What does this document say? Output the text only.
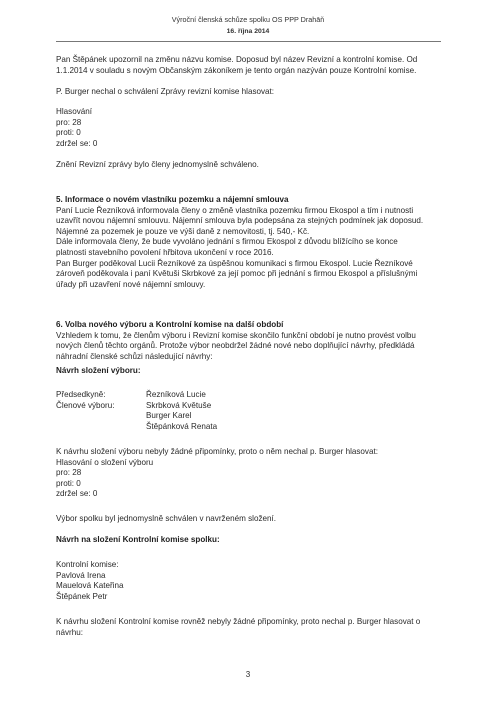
Výroční členská schůze spolku OS PPP Drahāň
16. října 2014

Pan Štěpánek upozornil na změnu názvu komise. Doposud byl název Revizní a kontrolní komise. Od

1.1.2014 v souladu s novým Občanským zákoníkem je tento orgán nazýván pouze Kontrolní komise.

P. Burger nechal o schválení Zprávy revizní komise hlasovat:

Hlasování

pro: 28

proti: 0

zdržel se: 0

Znění Revizní zprávy bylo členy jednomyslně schváleno.

5. Informace o novém vlastníku pozemku a nájemní smlouva

Paní Lucie Řezníková informovala členy o změně vlastníka pozemku firmou Ekospol a tím i nutnosti

uzavřít novou nájemní smlouvu. Nájemní smlouva byla podepsána za stejných podmínek jak doposud.

Nájemné za pozemek je pouze ve výši daně z nemovitosti, tj. 540,- Kč.

Dále informovala členy, že bude vyvoláno jednání s firmou Ekospol z důvodu blížícího se konce

platnosti stavebního povolení hřbitova ukončení v roce 2016.

Pan Burger poděkoval Lucii Řezníkové za úspěšnou komunikaci s firmou Ekospol. Lucie Řezníkové

zároveň poděkovala i paní Květuši Skrbkové za její pomoc při jednání s firmou Ekospol a příslušnými

úřady při uzavření nové nájemní smlouvy.

6. Volba nového výboru a Kontrolní komise na další období

Vzhledem k tomu, že členům výboru i Revizní komise skončilo funkční období je nutno provést volbu

nových členů těchto orgánů. Protože výbor neobdržel žádné nové nebo doplňující návrhy, předkládá

náhradní členské schůzi následující návrhy:

Návrh složení výboru:

Předsedkyně:	Řezníková Lucie
Členové výboru:	Skrbková Květuše
Burger Karel
Štěpánková Renata

K návrhu složení výboru nebyly žádné připomínky, proto o něm nechal p. Burger hlasovat:

Hlasování o složení výboru

pro: 28

proti: 0

zdržel se: 0

Výbor spolku byl jednomyslně schválen v navrženém složení.

Návrh na složení Kontrolní komise spolku:

Kontrolní komise:

Pavlová Irena

Mauelová Kateřina

Štěpánek Petr

K návrhu složení Kontrolní komise rovněž nebyly žádné připomínky, proto nechal p. Burger hlasovat o

návrhu:

3
